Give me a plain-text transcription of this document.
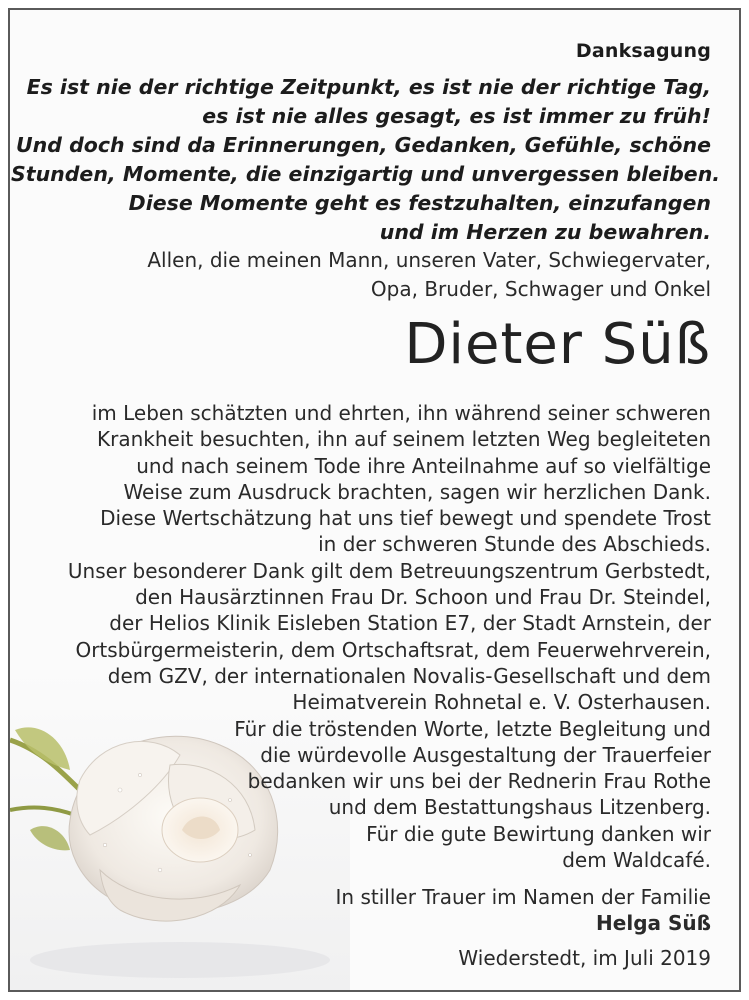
Danksagung
Es ist nie der richtige Zeitpunkt, es ist nie der richtige Tag,
es ist nie alles gesagt, es ist immer zu früh!
Und doch sind da Erinnerungen, Gedanken, Gefühle, schöne
Stunden, Momente, die einzigartig und unvergessen bleiben.
Diese Momente geht es festzuhalten, einzufangen
und im Herzen zu bewahren.
Allen, die meinen Mann, unseren Vater, Schwiegervater,
Opa, Bruder, Schwager und Onkel
Dieter Süß
im Leben schätzten und ehrten, ihn während seiner schweren
Krankheit besuchten, ihn auf seinem letzten Weg begleiteten
und nach seinem Tode ihre Anteilnahme auf so vielfältige
Weise zum Ausdruck brachten, sagen wir herzlichen Dank.
Diese Wertschätzung hat uns tief bewegt und spendete Trost
in der schweren Stunde des Abschieds.
Unser besonderer Dank gilt dem Betreuungszentrum Gerbstedt,
den Hausärztinnen Frau Dr. Schoon und Frau Dr. Steindel,
der Helios Klinik Eisleben Station E7, der Stadt Arnstein, der
Ortsbürgermeisterin, dem Ortschaftsrat, dem Feuerwehrverein,
dem GZV, der internationalen Novalis-Gesellschaft und dem
Heimatverein Rohnetal e. V. Osterhausen.
Für die tröstenden Worte, letzte Begleitung und
die würdevolle Ausgestaltung der Trauerfeier
bedanken wir uns bei der Rednerin Frau Rothe
und dem Bestattungshaus Litzenberg.
Für die gute Bewirtung danken wir
dem Waldcafé.
In stiller Trauer im Namen der Familie
Helga Süß
Wiederstedt, im Juli 2019
